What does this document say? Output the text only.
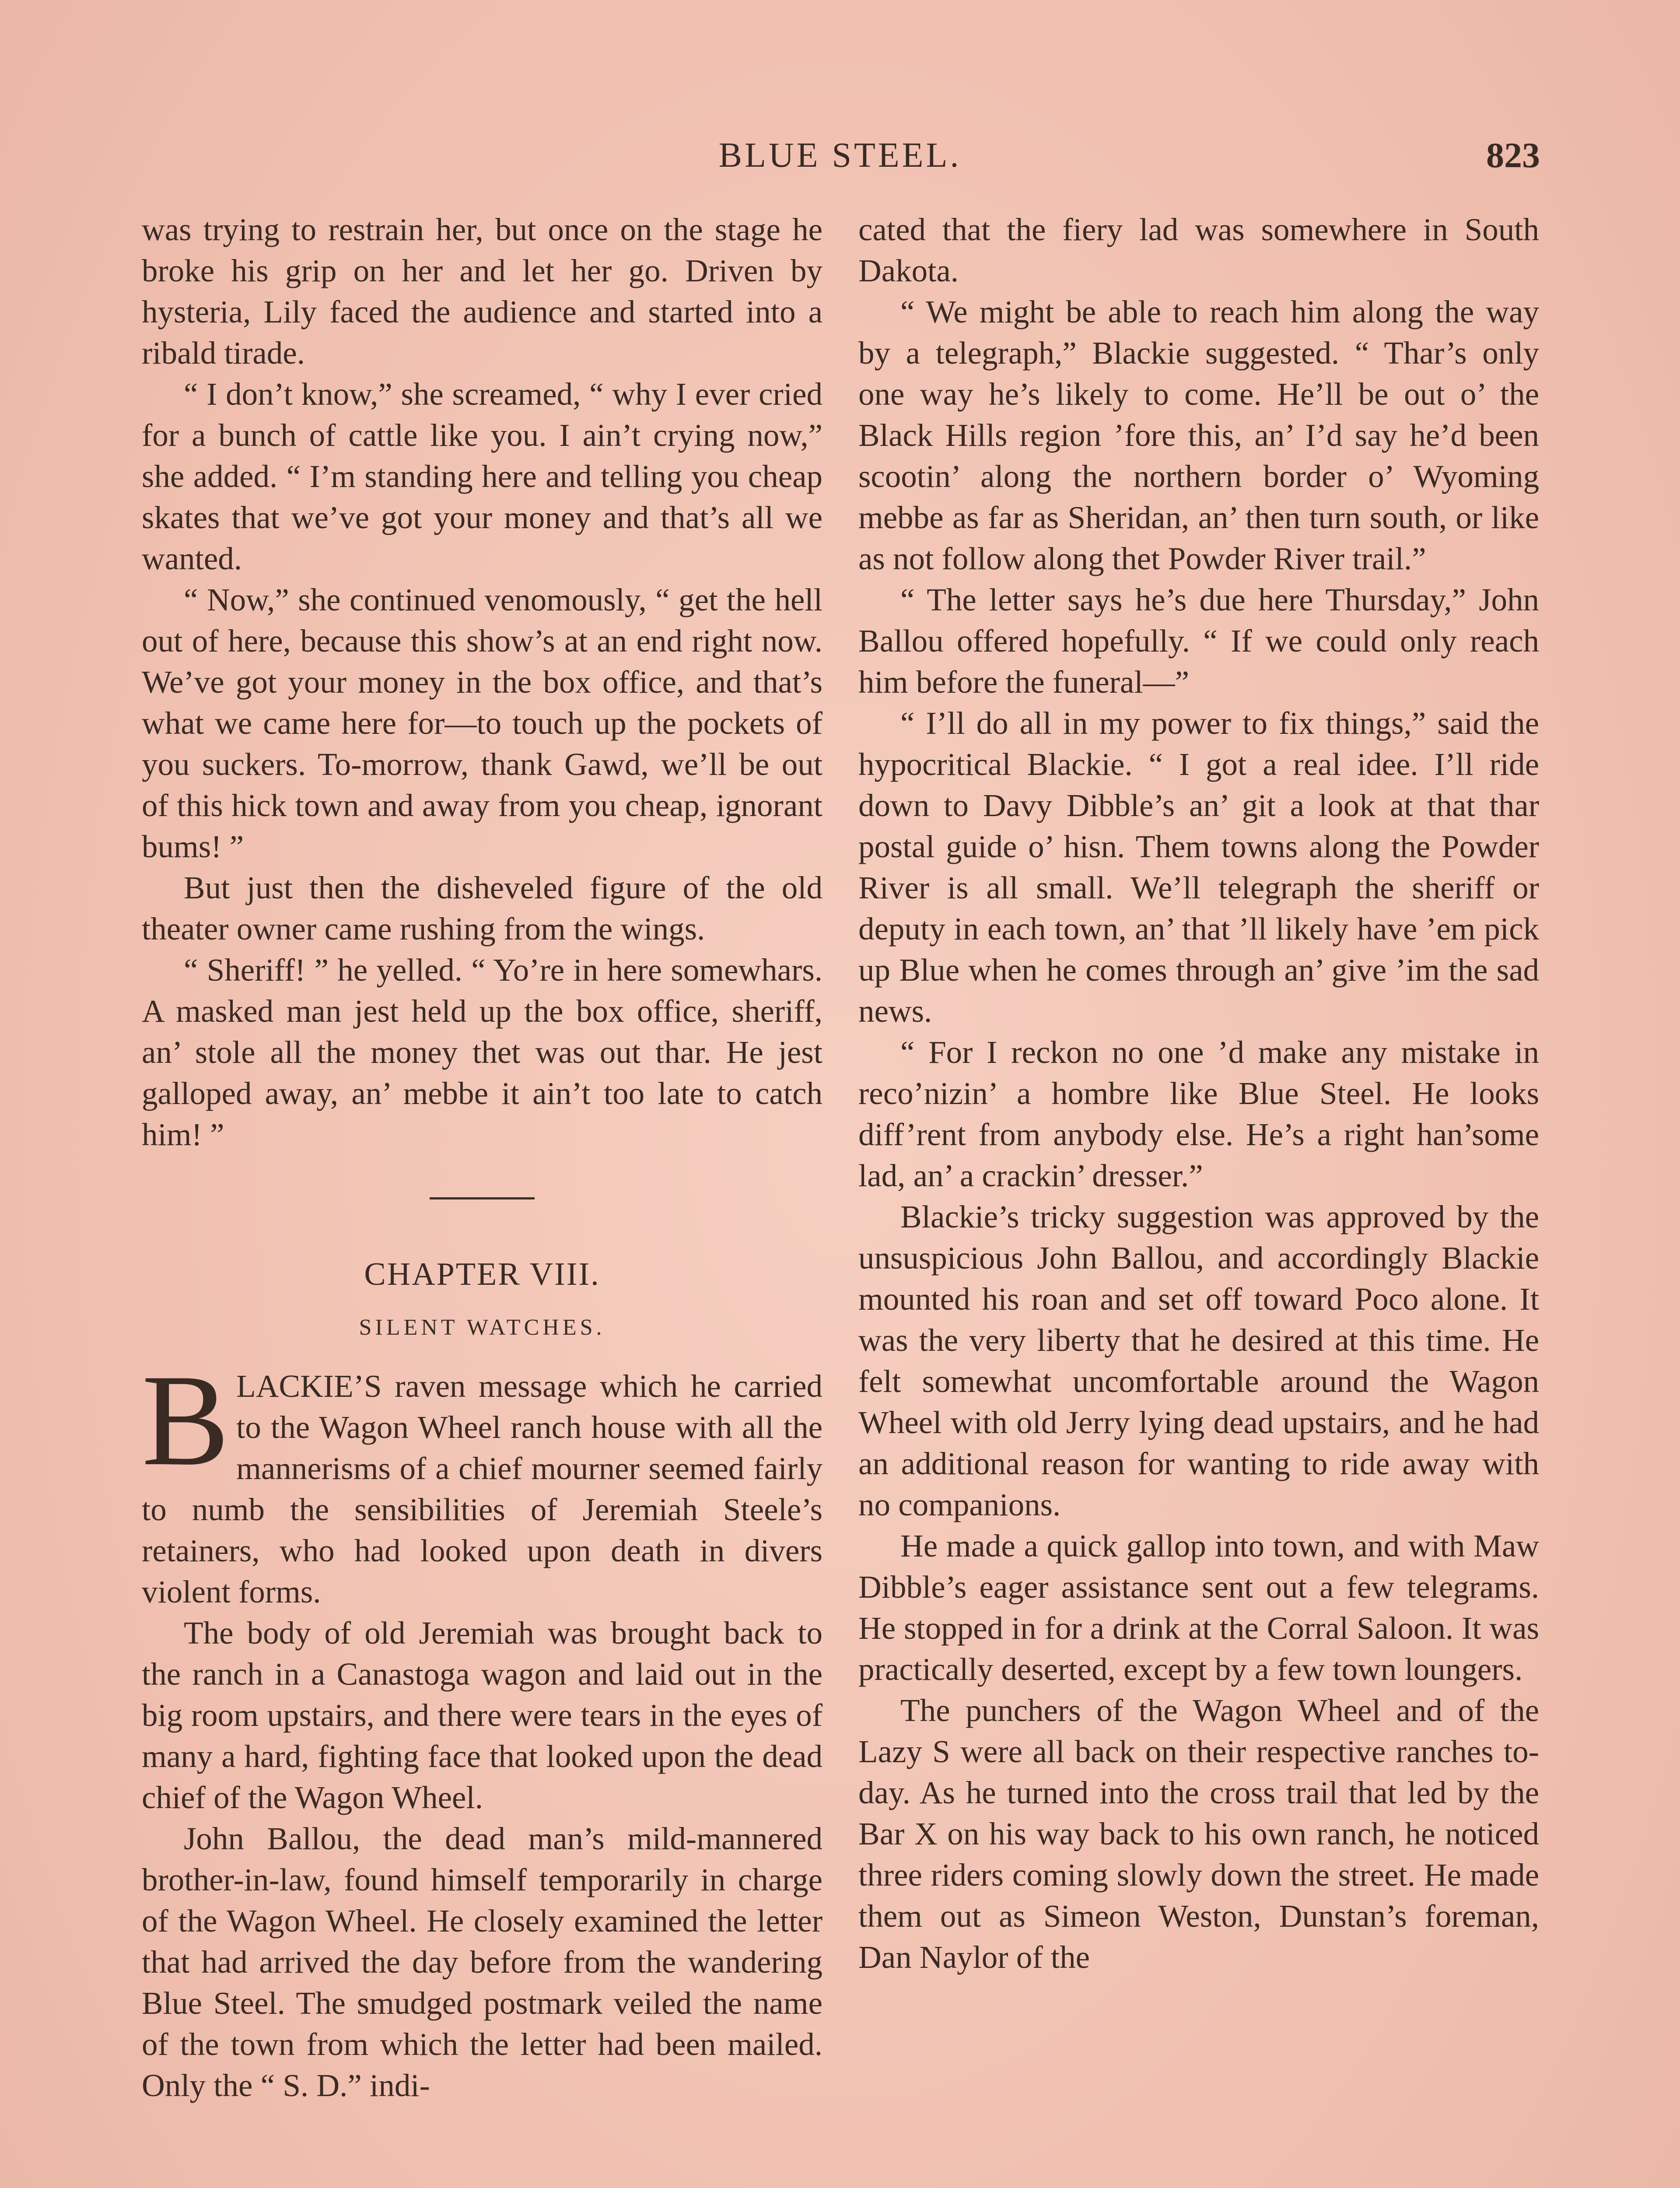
BLUE STEEL.	823

was trying to restrain her, but once on the stage he broke his grip on her and let her go. Driven by hysteria, Lily faced the audience and started into a ribald tirade.

“ I don’t know,” she screamed, “ why I ever cried for a bunch of cattle like you. I ain’t crying now,” she added. “ I’m standing here and telling you cheap skates that we’ve got your money and that’s all we wanted.

“ Now,” she continued venomously, “ get the hell out of here, because this show’s at an end right now. We’ve got your money in the box office, and that’s what we came here for—to touch up the pockets of you suckers. To-morrow, thank Gawd, we’ll be out of this hick town and away from you cheap, ignorant bums! ”

But just then the disheveled figure of the old theater owner came rushing from the wings.

“ Sheriff! ” he yelled. “ Yo’re in here somewhars. A masked man jest held up the box office, sheriff, an’ stole all the money thet was out thar. He jest galloped away, an’ mebbe it ain’t too late to catch him! ”

CHAPTER VIII.
SILENT WATCHES.

B LACKIE’S raven message which he carried to the Wagon Wheel ranch house with all the mannerisms of a chief mourner seemed fairly to numb the sensibilities of Jeremiah Steele’s retainers, who had looked upon death in divers violent forms.

The body of old Jeremiah was brought back to the ranch in a Canastoga wagon and laid out in the big room upstairs, and there were tears in the eyes of many a hard, fighting face that looked upon the dead chief of the Wagon Wheel.

John Ballou, the dead man’s mild-mannered brother-in-law, found himself temporarily in charge of the Wagon Wheel. He closely examined the letter that had arrived the day before from the wandering Blue Steel. The smudged postmark veiled the name of the town from which the letter had been mailed. Only the “ S. D.” indi-

cated that the fiery lad was somewhere in South Dakota.

“ We might be able to reach him along the way by a telegraph,” Blackie suggested. “ Thar’s only one way he’s likely to come. He’ll be out o’ the Black Hills region ’fore this, an’ I’d say he’d been scootin’ along the northern border o’ Wyoming mebbe as far as Sheridan, an’ then turn south, or like as not follow along thet Powder River trail.”

“ The letter says he’s due here Thursday,” John Ballou offered hopefully. “ If we could only reach him before the funeral—”

“ I’ll do all in my power to fix things,” said the hypocritical Blackie. “ I got a real idee. I’ll ride down to Davy Dibble’s an’ git a look at that thar postal guide o’ hisn. Them towns along the Powder River is all small. We’ll telegraph the sheriff or deputy in each town, an’ that ’ll likely have ’em pick up Blue when he comes through an’ give ’im the sad news.

“ For I reckon no one ’d make any mistake in reco’nizin’ a hombre like Blue Steel. He looks diff’rent from anybody else. He’s a right han’some lad, an’ a crackin’ dresser.”

Blackie’s tricky suggestion was approved by the unsuspicious John Ballou, and accordingly Blackie mounted his roan and set off toward Poco alone. It was the very liberty that he desired at this time. He felt somewhat uncomfortable around the Wagon Wheel with old Jerry lying dead upstairs, and he had an additional reason for wanting to ride away with no companions.

He made a quick gallop into town, and with Maw Dibble’s eager assistance sent out a few telegrams. He stopped in for a drink at the Corral Saloon. It was practically deserted, except by a few town loungers.

The punchers of the Wagon Wheel and of the Lazy S were all back on their respective ranches to-day. As he turned into the cross trail that led by the Bar X on his way back to his own ranch, he noticed three riders coming slowly down the street. He made them out as Simeon Weston, Dunstan’s foreman, Dan Naylor of the
